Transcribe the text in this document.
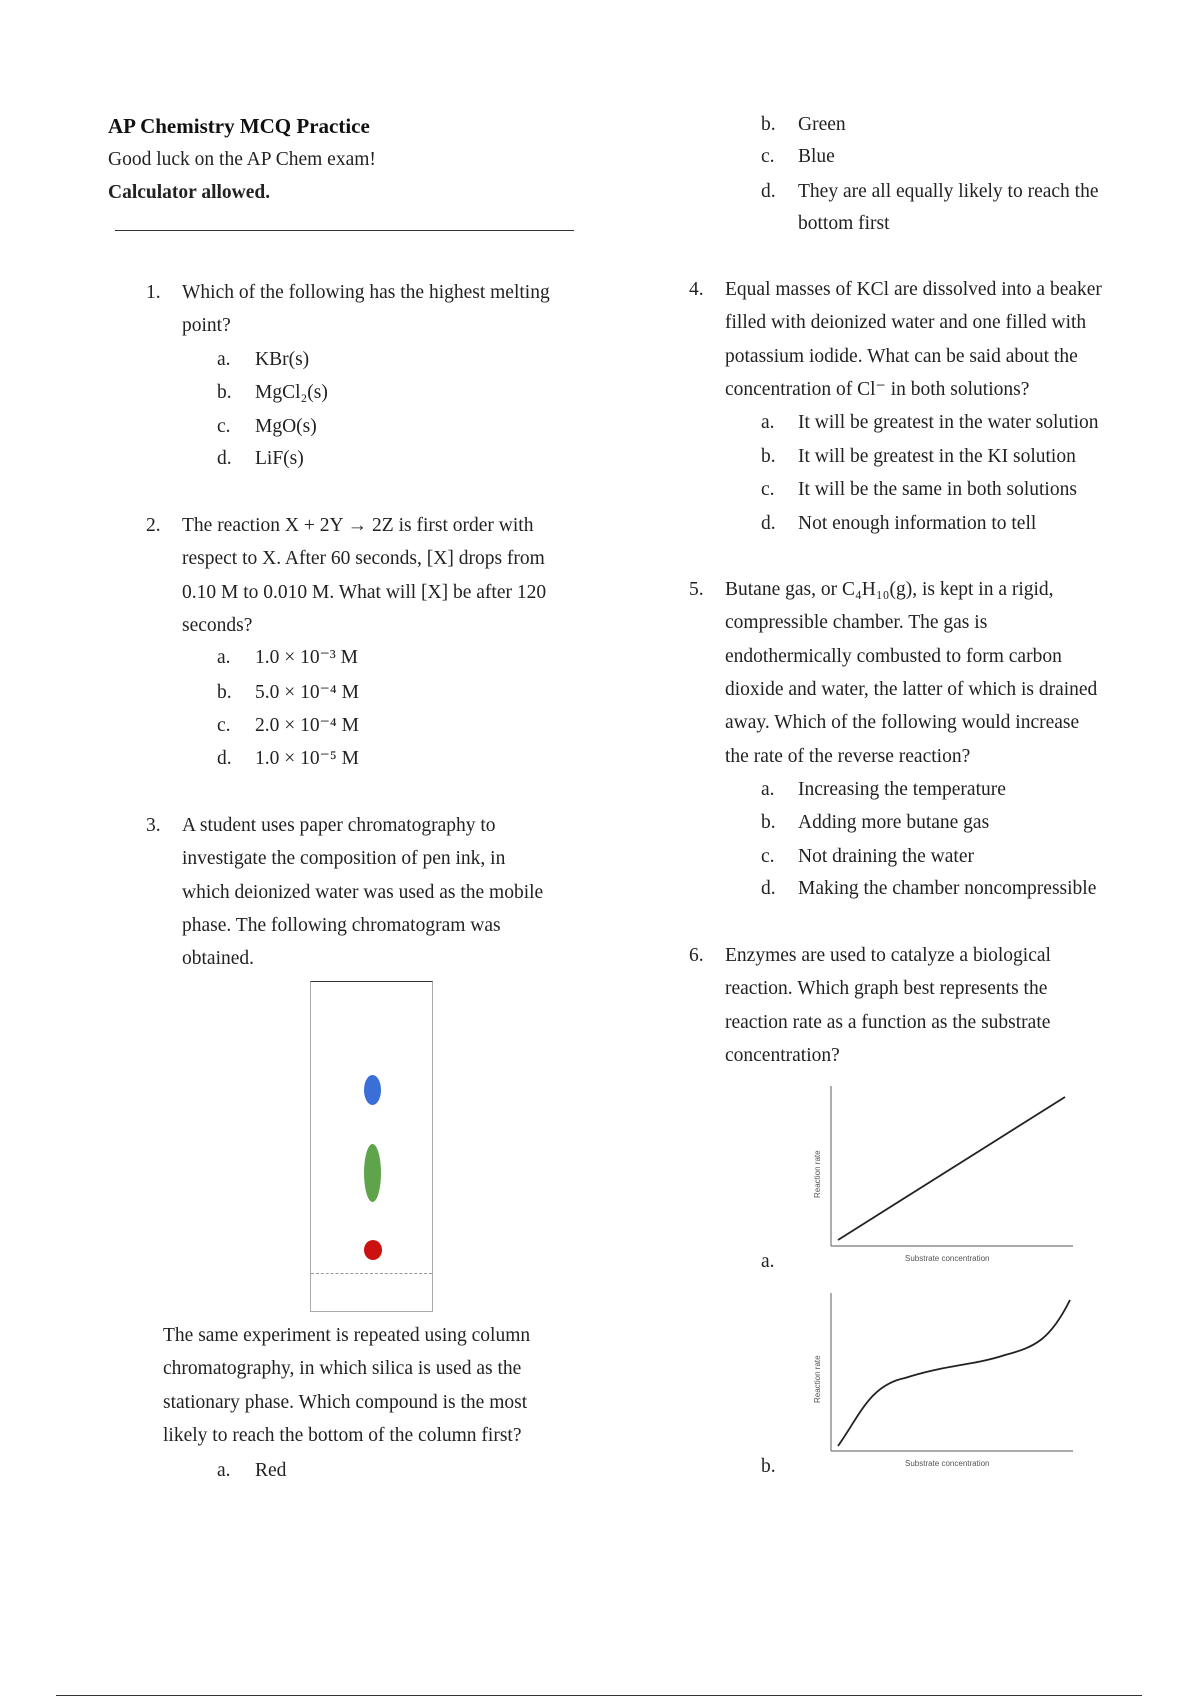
AP Chemistry MCQ Practice
Good luck on the AP Chem exam!
Calculator allowed.
Reaction rate
Substrate concentration
Reaction rate
Substrate concentration
1. Which of the following has the highest melting
point?
a. KBr(s)
b. MgCl₂(s)
c. MgO(s)
d. LiF(s)
2. The reaction X + 2Y → 2Z is first order with
respect to X. After 60 seconds, [X] drops from
0.10 M to 0.010 M. What will [X] be after 120
seconds?
a. 1.0 × 10⁻³ M
b. 5.0 × 10⁻⁴ M
c. 2.0 × 10⁻⁴ M
d. 1.0 × 10⁻⁵ M
3. A student uses paper chromatography to
investigate the composition of pen ink, in
which deionized water was used as the mobile
phase. The following chromatogram was
obtained.
4. Equal masses of KCl are dissolved into a beaker
filled with deionized water and one filled with
potassium iodide. What can be said about the
concentration of Cl⁻ in both solutions?
a. It will be greatest in the water solution
b. It will be greatest in the KI solution
c. It will be the same in both solutions
d. Not enough information to tell
5. Butane gas, or C₄H₁₀(g), is kept in a rigid,
compressible chamber. The gas is
endothermically combusted to form carbon
dioxide and water, the latter of which is drained
away. Which of the following would increase
the rate of the reverse reaction?
a. Increasing the temperature
b. Adding more butane gas
c. Not draining the water
d. Making the chamber noncompressible
6. Enzymes are used to catalyze a biological
reaction. Which graph best represents the
reaction rate as a function as the substrate
concentration?
The same experiment is repeated using column
chromatography, in which silica is used as the
stationary phase. Which compound is the most
likely to reach the bottom of the column first?
a. Red
b. Green
c. Blue
d. They are all equally likely to reach the
bottom first
a.
b.
